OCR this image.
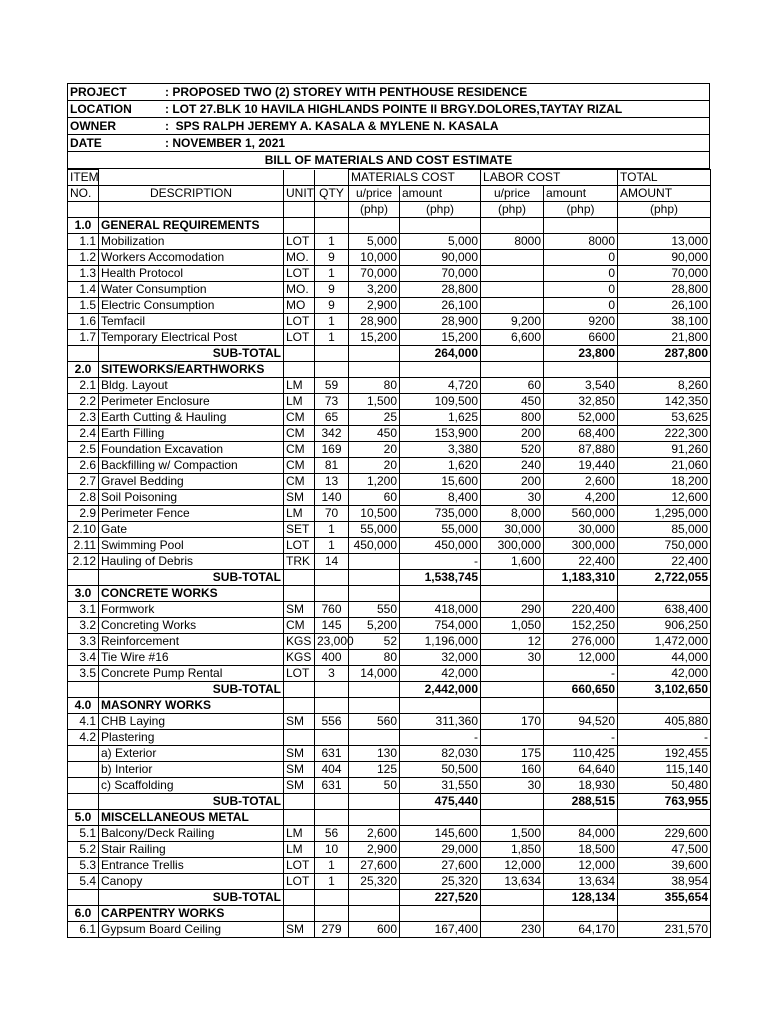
PROJECT	: PROPOSED TWO (2) STOREY WITH PENTHOUSE RESIDENCE
LOCATION	: LOT 27.BLK 10 HAVILA HIGHLANDS POINTE II BRGY.DOLORES,TAYTAY RIZAL
OWNER	:  SPS RALPH JEREMY A. KASALA & MYLENE N. KASALA
DATE	: NOVEMBER 1, 2021
BILL OF MATERIALS AND COST ESTIMATE
ITEM				MATERIALS COST		LABOR COST		TOTAL
NO.	DESCRIPTION	UNIT	QTY	u/price	amount	u/price	amount	AMOUNT
				(php)	(php)	(php)	(php)	(php)
1.0	GENERAL REQUIREMENTS							
1.1	Mobilization	LOT	1	5,000	5,000	8000	8000	13,000
1.2	Workers Accomodation	MO.	9	10,000	90,000		0	90,000
1.3	Health Protocol	LOT	1	70,000	70,000		0	70,000
1.4	Water Consumption	MO.	9	3,200	28,800		0	28,800
1.5	Electric Consumption	MO	9	2,900	26,100		0	26,100
1.6	Temfacil	LOT	1	28,900	28,900	9,200	9200	38,100
1.7	Temporary Electrical Post	LOT	1	15,200	15,200	6,600	6600	21,800
	SUB-TOTAL				264,000		23,800	287,800
2.0	SITEWORKS/EARTHWORKS							
2.1	Bldg. Layout	LM	59	80	4,720	60	3,540	8,260
2.2	Perimeter Enclosure	LM	73	1,500	109,500	450	32,850	142,350
2.3	Earth Cutting & Hauling	CM	65	25	1,625	800	52,000	53,625
2.4	Earth Filling	CM	342	450	153,900	200	68,400	222,300
2.5	Foundation Excavation	CM	169	20	3,380	520	87,880	91,260
2.6	Backfilling w/ Compaction	CM	81	20	1,620	240	19,440	21,060
2.7	Gravel Bedding	CM	13	1,200	15,600	200	2,600	18,200
2.8	Soil Poisoning	SM	140	60	8,400	30	4,200	12,600
2.9	Perimeter Fence	LM	70	10,500	735,000	8,000	560,000	1,295,000
2.10	Gate	SET	1	55,000	55,000	30,000	30,000	85,000
2.11	Swimming Pool	LOT	1	450,000	450,000	300,000	300,000	750,000
2.12	Hauling of Debris	TRK	14		-	1,600	22,400	22,400
	SUB-TOTAL				1,538,745		1,183,310	2,722,055
3.0	CONCRETE WORKS							
3.1	Formwork	SM	760	550	418,000	290	220,400	638,400
3.2	Concreting Works	CM	145	5,200	754,000	1,050	152,250	906,250
3.3	Reinforcement	KGS	23,000	52	1,196,000	12	276,000	1,472,000
3.4	Tie Wire #16	KGS	400	80	32,000	30	12,000	44,000
3.5	Concrete Pump Rental	LOT	3	14,000	42,000		-	42,000
	SUB-TOTAL				2,442,000		660,650	3,102,650
4.0	MASONRY WORKS							
4.1	CHB Laying	SM	556	560	311,360	170	94,520	405,880
4.2	Plastering				-		-	-
	a) Exterior	SM	631	130	82,030	175	110,425	192,455
	b) Interior	SM	404	125	50,500	160	64,640	115,140
	c) Scaffolding	SM	631	50	31,550	30	18,930	50,480
	SUB-TOTAL				475,440		288,515	763,955
5.0	MISCELLANEOUS METAL							
5.1	Balcony/Deck Railing	LM	56	2,600	145,600	1,500	84,000	229,600
5.2	Stair Railing	LM	10	2,900	29,000	1,850	18,500	47,500
5.3	Entrance Trellis	LOT	1	27,600	27,600	12,000	12,000	39,600
5.4	Canopy	LOT	1	25,320	25,320	13,634	13,634	38,954
	SUB-TOTAL				227,520		128,134	355,654
6.0	CARPENTRY WORKS							
6.1	Gypsum Board Ceiling	SM	279	600	167,400	230	64,170	231,570
